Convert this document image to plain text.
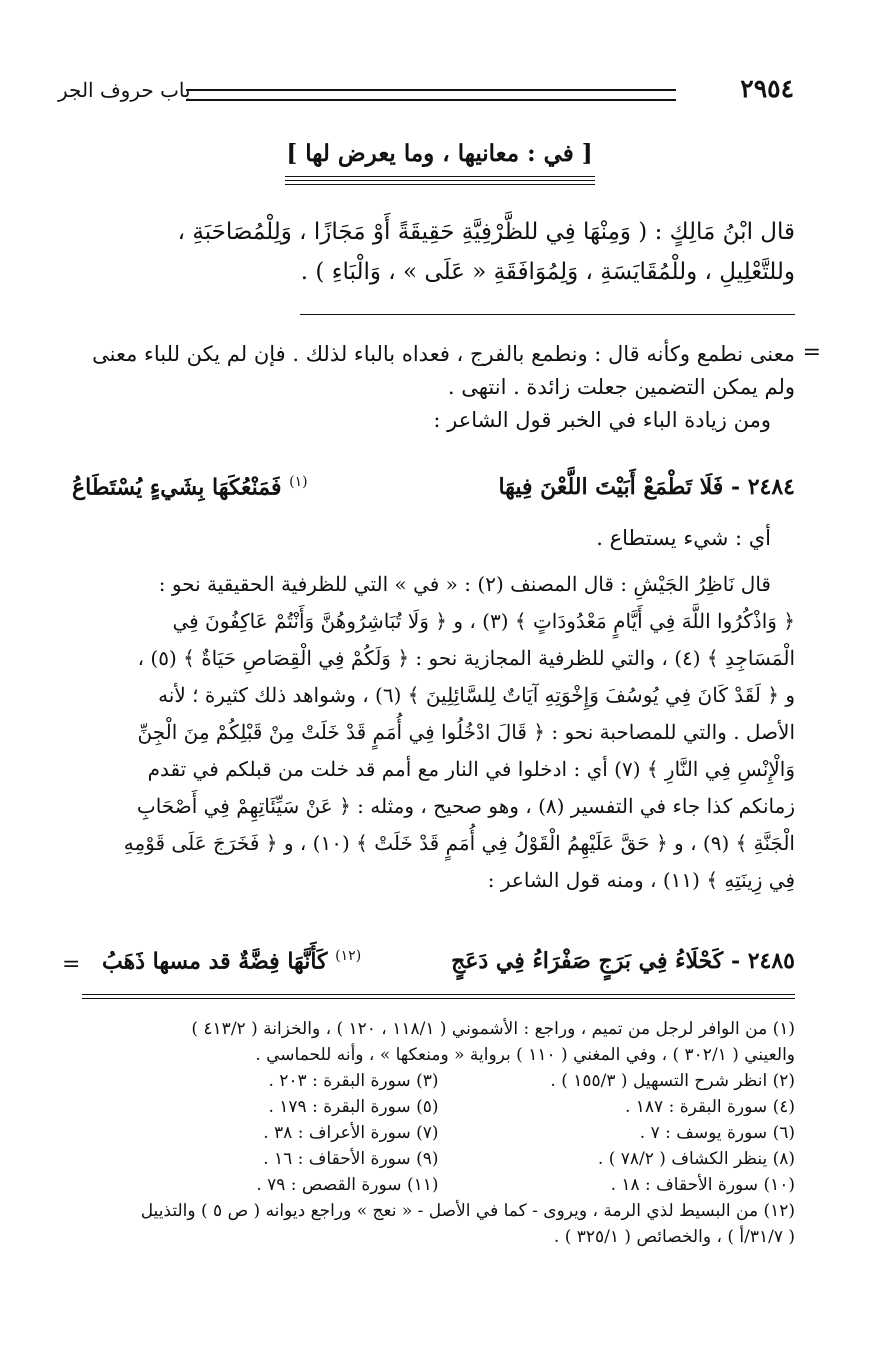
٢٩٥٤
باب حروف الجر
[ في : معانيها ، وما يعرض لها ]
قال ابْنُ مَالِكٍ : ( وَمِنْهَا فِي للظَّرْفِيَّةِ حَقِيقَةً أَوْ مَجَازًا ، وَلِلْمُصَاحَبَةِ ،
وللتَّعْلِيلِ ، وللْمُقَايَسَةِ ، وَلِمُوَافَقَةِ « عَلَى » ، وَالْبَاءِ ) .
=
معنى نطمع وكأنه قال : ونطمع بالفرج ، فعداه بالباء لذلك . فإن لم يكن للباء معنى
ولم يمكن التضمين جعلت زائدة . انتهى .
ومن زيادة الباء في الخبر قول الشاعر :
٢٤٨٤ - فَلَا تَطْمَعْ أَبَيْتَ اللَّعْنَ فِيهَا
$^{(١)}$ فَمَنْعُكَهَا بِشَيءٍ يُسْتَطَاعُ
أي : شيء يستطاع .
قال نَاظِرُ الجَيْشِ : قال المصنف (٢) : « في » التي للظرفية الحقيقية نحو :
﴿ وَاذْكُرُوا اللَّهَ فِي أَيَّامٍ مَعْدُودَاتٍ ﴾ (٣) ، و ﴿ وَلَا تُبَاشِرُوهُنَّ وَأَنْتُمْ عَاكِفُونَ فِي
الْمَسَاجِدِ ﴾ (٤) ، والتي للظرفية المجازية نحو : ﴿ وَلَكُمْ فِي الْقِصَاصِ حَيَاةٌ ﴾ (٥) ،
و ﴿ لَقَدْ كَانَ فِي يُوسُفَ وَإِخْوَتِهِ آيَاتٌ لِلسَّائِلِينَ ﴾ (٦) ، وشواهد ذلك كثيرة ؛ لأنه
الأصل . والتي للمصاحبة نحو : ﴿ قَالَ ادْخُلُوا فِي أُمَمٍ قَدْ خَلَتْ مِنْ قَبْلِكُمْ مِنَ الْجِنِّ
وَالْإِنْسِ فِي النَّارِ ﴾ (٧) أي : ادخلوا في النار مع أمم قد خلت من قبلكم في تقدم
زمانكم كذا جاء في التفسير (٨) ، وهو صحيح ، ومثله : ﴿ عَنْ سَيِّئَاتِهِمْ فِي أَصْحَابِ
الْجَنَّةِ ﴾ (٩) ، و ﴿ حَقَّ عَلَيْهِمُ الْقَوْلُ فِي أُمَمٍ قَدْ خَلَتْ ﴾ (١٠) ، و ﴿ فَخَرَجَ عَلَى قَوْمِهِ
فِي زِينَتِهِ ﴾ (١١) ، ومنه قول الشاعر :
٢٤٨٥ - كَحْلَاءُ فِي بَرَجٍ صَفْرَاءُ فِي دَعَجٍ
$^{(١٢)}$ كَأَنَّهَا فِضَّةٌ قد مسها ذَهَبُ
=
(١) من الوافر لرجل من تميم ، وراجع : الأشموني ( ١١٨/١ ، ١٢٠ ) ، والخزانة ( ٤١٣/٢ )
والعيني ( ٣٠٢/١ ) ، وفي المغني ( ١١٠ ) برواية « ومنعكها » ، وأنه للحماسي .
(٢) انظر شرح التسهيل ( ١٥٥/٣ ) .
(٣) سورة البقرة : ٢٠٣ .
(٤) سورة البقرة : ١٨٧ .
(٥) سورة البقرة : ١٧٩ .
(٦) سورة يوسف : ٧ .
(٧) سورة الأعراف : ٣٨ .
(٨) ينظر الكشاف ( ٧٨/٢ ) .
(٩) سورة الأحقاف : ١٦ .
(١٠) سورة الأحقاف : ١٨ .
(١١) سورة القصص : ٧٩ .
(١٢) من البسيط لذي الرمة ، ويروى - كما في الأصل - « نعج » وراجع ديوانه ( ص ٥ ) والتذييل
( ٣١/٧/أ ) ، والخصائص ( ٣٢٥/١ ) .
